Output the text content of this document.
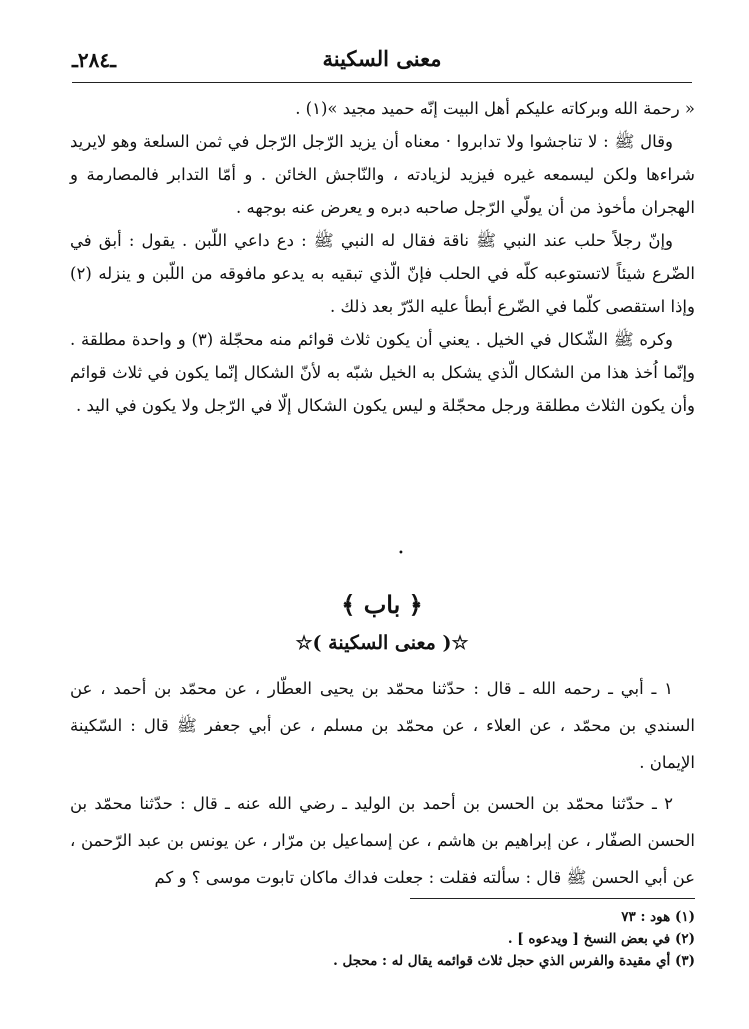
ـ٢٨٤ـ	معنى السكينة

« رحمة الله وبركاته عليكم أهل البيت إنّه حميد مجيد »(١) .

وقال ﷺ : لا تناجشوا ولا تدابروا · معناه أن يزيد الرّجل الرّجل في ثمن السلعة وهو لايريد شراءها ولكن ليسمعه غيره فيزيد لزيادته ، والنّاجش الخائن . و أمّا التدابر فالمصارمة و الهجران مأخوذ من أن يولّي الرّجل صاحبه دبره و يعرض عنه بوجهه .

وإنّ رجلاً حلب عند النبي ﷺ ناقة فقال له النبي ﷺ : دع داعي اللّبن . يقول : أبق في الضّرع شيئاً لاتستوعبه كلّه في الحلب فإنّ الّذي تبقيه به يدعو مافوقه من اللّبن و ينزله (٢) وإذا استقصى كلّما في الضّرع أبطأ عليه الدّرّ بعد ذلك .

وكره ﷺ الشّكال في الخيل . يعني أن يكون ثلاث قوائم منه محجّلة (٣) و واحدة مطلقة . وإنّما اُخذ هذا من الشكال الّذي يشكل به الخيل شبّه به لأنّ الشكال إنّما يكون في ثلاث قوائم وأن يكون الثلاث مطلقة ورجل محجّلة و ليس يكون الشكال إلّا في الرّجل ولا يكون في اليد .

•
﴿ باب ﴾
☆( معنى السكينة )☆

١ ـ أبي ـ رحمه الله ـ قال : حدّثنا محمّد بن يحيى العطّار ، عن محمّد بن أحمد ، عن السندي بن محمّد ، عن العلاء ، عن محمّد بن مسلم ، عن أبي جعفر ﷺ قال : السّكينة الإيمان .

٢ ـ حدّثنا محمّد بن الحسن بن أحمد بن الوليد ـ رضي الله عنه ـ قال : حدّثنا محمّد بن الحسن الصفّار ، عن إبراهيم بن هاشم ، عن إسماعيل بن مرّار ، عن يونس بن عبد الرّحمن ، عن أبي الحسن ﷺ قال : سألته فقلت : جعلت فداك ماكان تابوت موسى ؟ و كم

(١) هود : ٧٣
(٢) في بعض النسخ [ ويدعوه ] .
(٣) أي مقيدة والفرس الذي حجل ثلاث قوائمه يقال له : محجل .
